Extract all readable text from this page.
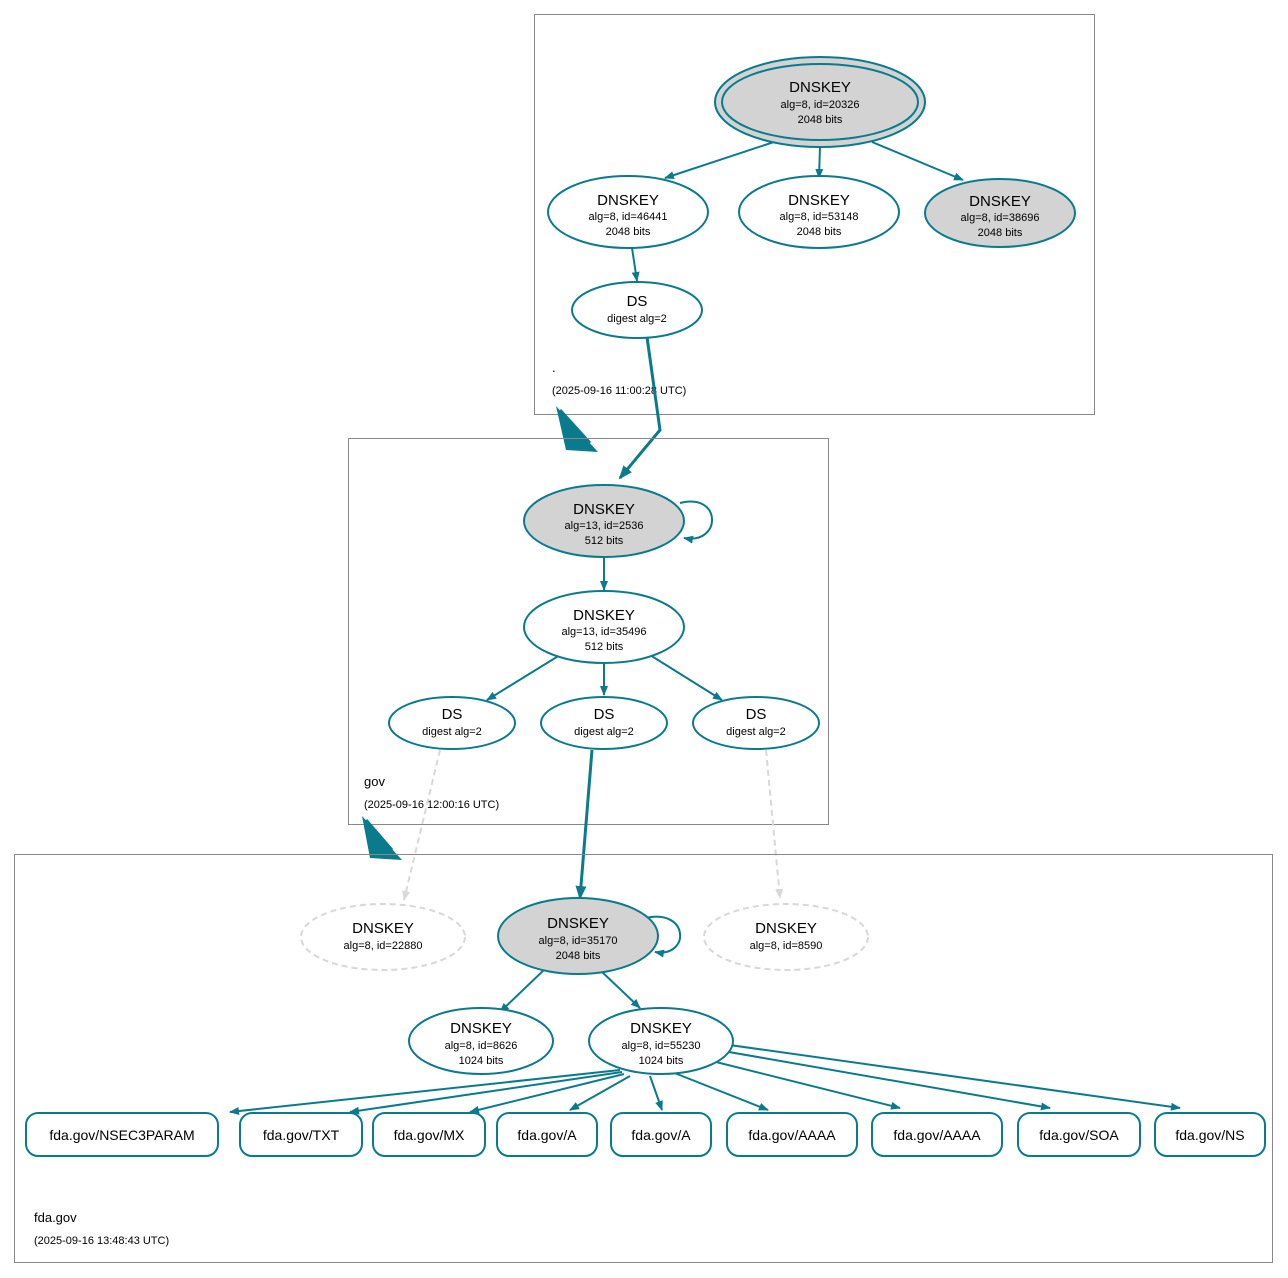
.
(2025-09-16 11:00:28 UTC)
DNSKEY
alg=8, id=20326
2048 bits
DNSKEY
alg=8, id=46441
2048 bits
DNSKEY
alg=8, id=53148
2048 bits
DNSKEY
alg=8, id=38696
2048 bits
DS
digest alg=2
gov
(2025-09-16 12:00:16 UTC)
DNSKEY
alg=13, id=2536
512 bits
DNSKEY
alg=13, id=35496
512 bits
DS
digest alg=2
DS
digest alg=2
DS
digest alg=2
fda.gov
(2025-09-16 13:48:43 UTC)
DNSKEY
alg=8, id=22880
DNSKEY
alg=8, id=35170
2048 bits
DNSKEY
alg=8, id=8590
DNSKEY
alg=8, id=8626
1024 bits
DNSKEY
alg=8, id=55230
1024 bits
fda.gov/NSEC3PARAM	fda.gov/TXT	fda.gov/MX	fda.gov/A	fda.gov/A	fda.gov/AAAA	fda.gov/AAAA	fda.gov/SOA	fda.gov/NS
